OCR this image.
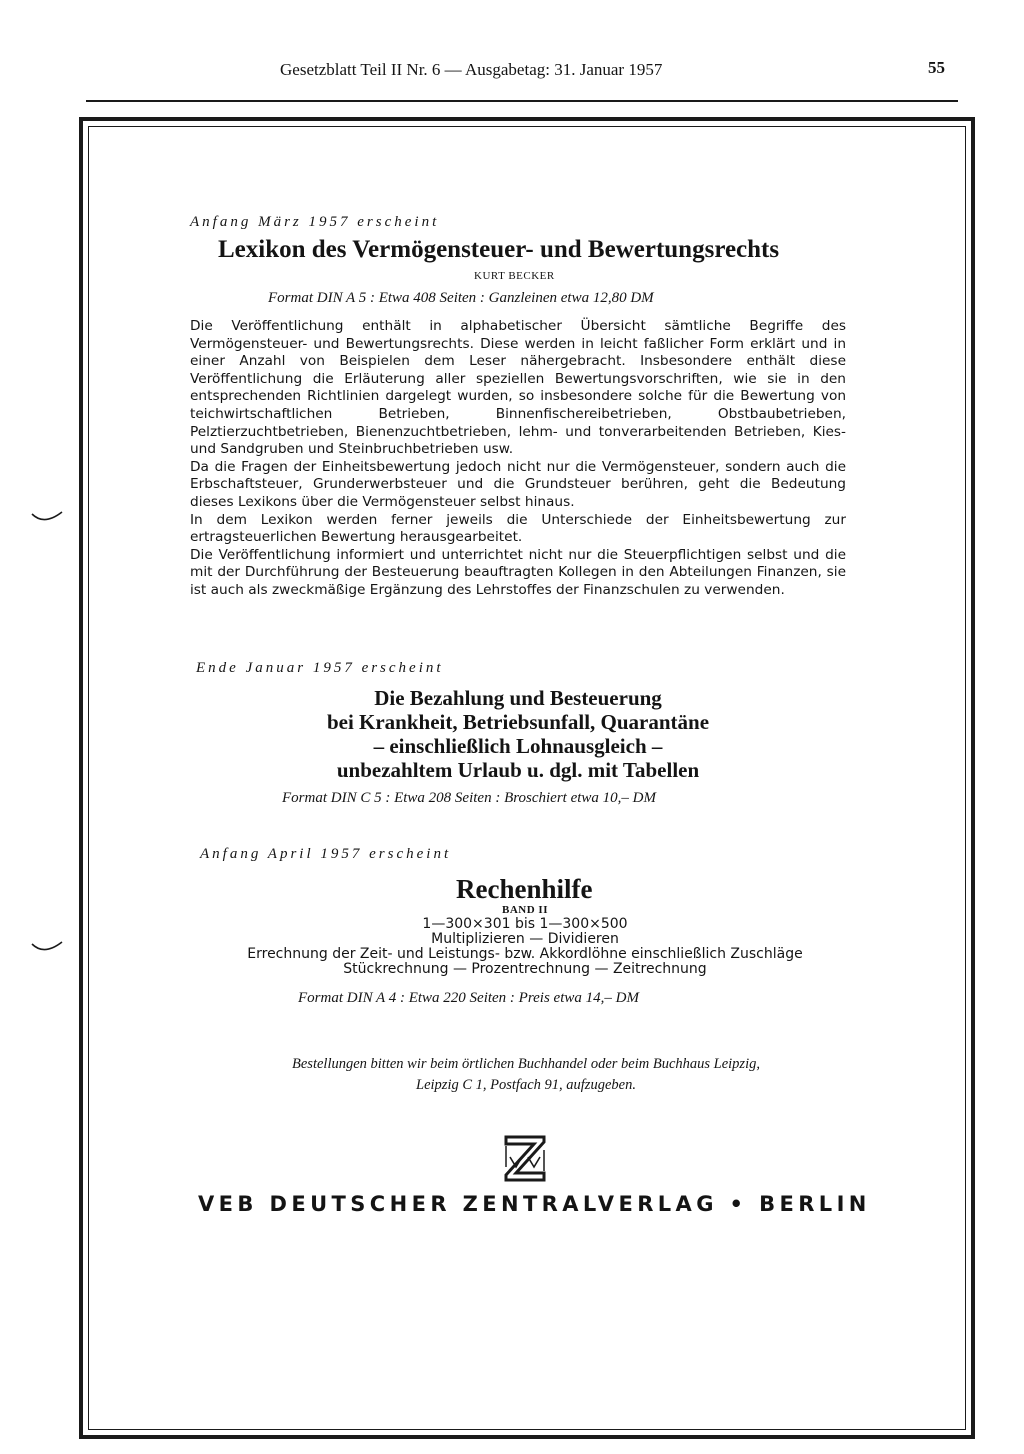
Gesetzblatt Teil II Nr. 6 — Ausgabetag: 31. Januar 1957	55
Anfang März 1957 erscheint
Lexikon des Vermögensteuer- und Bewertungsrechts
KURT BECKER
Format DIN A 5 : Etwa 408 Seiten : Ganzleinen etwa 12,80 DM

Die Veröffentlichung enthält in alphabetischer Übersicht sämtliche Begriffe des Vermögensteuer- und Bewertungsrechts. Diese werden in leicht faßlicher Form erklärt und in einer Anzahl von Beispielen dem Leser nähergebracht. Insbesondere enthält diese Veröffentlichung die Erläuterung aller speziellen Bewertungsvorschriften, wie sie in den entsprechenden Richtlinien dargelegt wurden, so insbesondere solche für die Bewertung von teichwirtschaftlichen Betrieben, Binnenfischereibetrieben, Obstbaubetrieben, Pelztierzuchtbetrieben, Bienenzuchtbetrieben, lehm- und tonverarbeitenden Betrieben, Kies- und Sandgruben und Steinbruchbetrieben usw.

Da die Fragen der Einheitsbewertung jedoch nicht nur die Vermögensteuer, sondern auch die Erbschaftsteuer, Grunderwerbsteuer und die Grundsteuer berühren, geht die Bedeutung dieses Lexikons über die Vermögensteuer selbst hinaus.

In dem Lexikon werden ferner jeweils die Unterschiede der Einheitsbewertung zur ertragsteuerlichen Bewertung herausgearbeitet.

Die Veröffentlichung informiert und unterrichtet nicht nur die Steuerpflichtigen selbst und die mit der Durchführung der Besteuerung beauftragten Kollegen in den Abteilungen Finanzen, sie ist auch als zweckmäßige Ergänzung des Lehrstoffes der Finanzschulen zu verwenden.

Ende Januar 1957 erscheint
Die Bezahlung und Besteuerung
bei Krankheit, Betriebsunfall, Quarantäne
– einschließlich Lohnausgleich –
unbezahltem Urlaub u. dgl. mit Tabellen
Format DIN C 5 : Etwa 208 Seiten : Broschiert etwa 10,– DM
Anfang April 1957 erscheint
Rechenhilfe
BAND II
1—300×301 bis 1—300×500
Multiplizieren — Dividieren
Errechnung der Zeit- und Leistungs- bzw. Akkordlöhne einschließlich Zuschläge
Stückrechnung — Prozentrechnung — Zeitrechnung
Format DIN A 4 : Etwa 220 Seiten : Preis etwa 14,– DM
Bestellungen bitten wir beim örtlichen Buchhandel oder beim Buchhaus Leipzig,
Leipzig C 1, Postfach 91, aufzugeben.
VEB DEUTSCHER ZENTRALVERLAG • BERLIN
